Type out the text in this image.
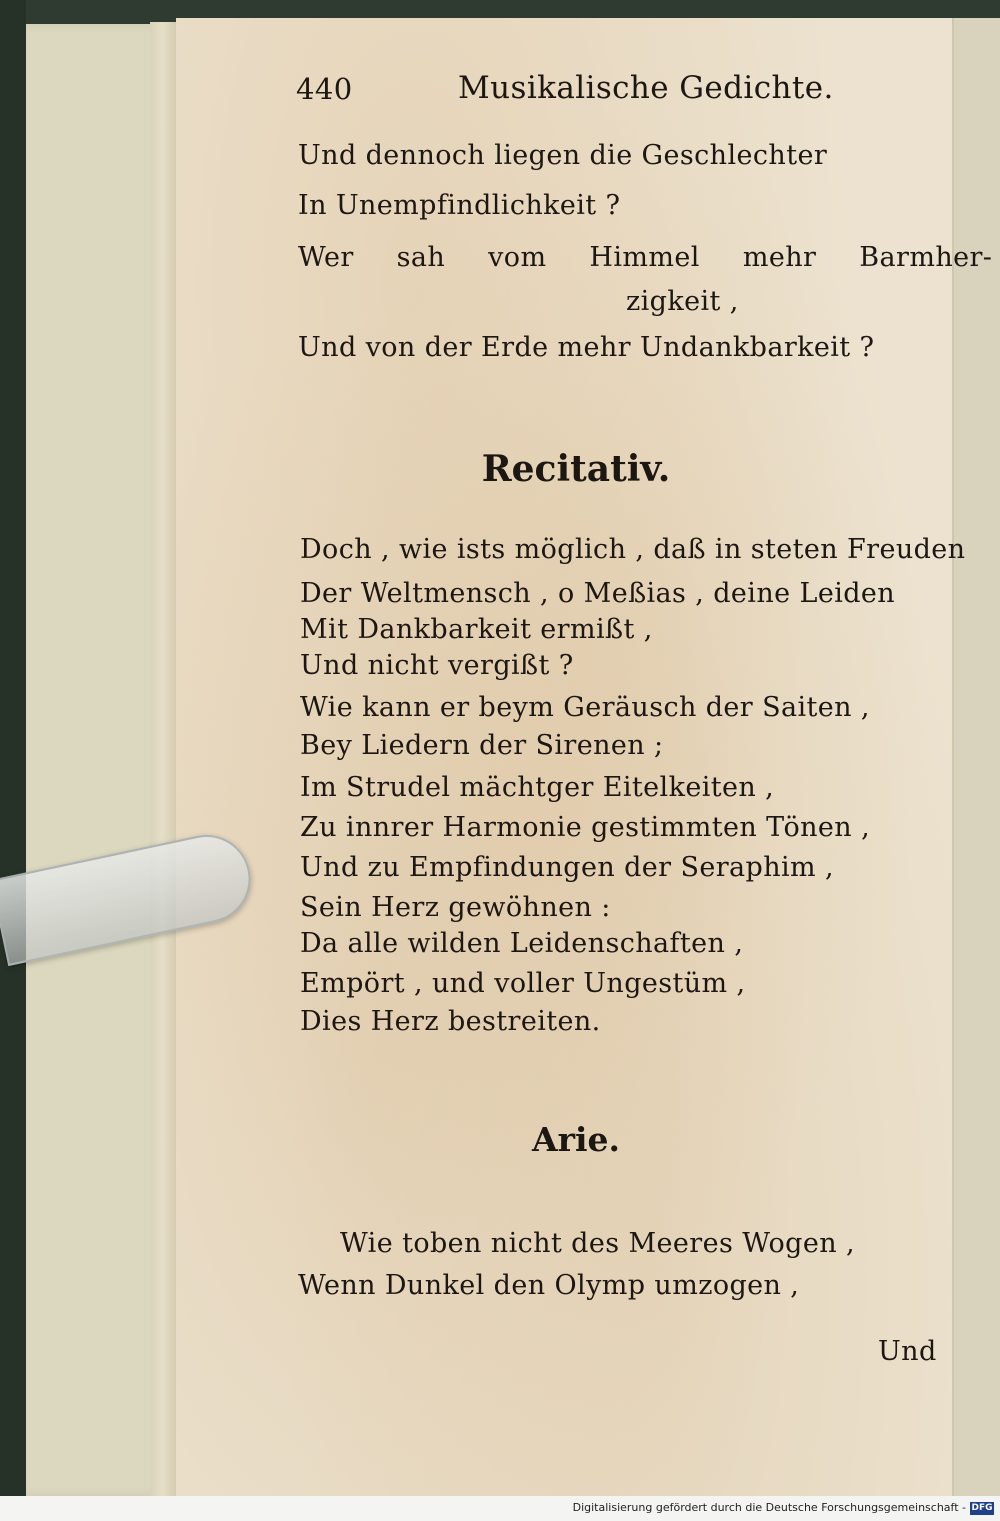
440	Musikalische Gedichte.
Und dennoch liegen die Geschlechter
In Unempfindlichkeit ?
Wer sah vom Himmel mehr Barmher-
zigkeit ,
Und von der Erde mehr Undankbarkeit ?
Recitativ.
Doch , wie ists möglich , daß in steten Freuden
Der Weltmensch , o Meßias , deine Leiden
Mit Dankbarkeit ermißt ,
Und nicht vergißt ?
Wie kann er beym Geräusch der Saiten ,
Bey Liedern der Sirenen ;
Im Strudel mächtger Eitelkeiten ,
Zu innrer Harmonie gestimmten Tönen ,
Und zu Empfindungen der Seraphim ,
Sein Herz gewöhnen :
Da alle wilden Leidenschaften ,
Empört , und voller Ungestüm ,
Dies Herz bestreiten.
Arie.
Wie toben nicht des Meeres Wogen ,
Wenn Dunkel den Olymp umzogen ,
Und
Digitalisierung gefördert durch die Deutsche Forschungsgemeinschaft - DFG
